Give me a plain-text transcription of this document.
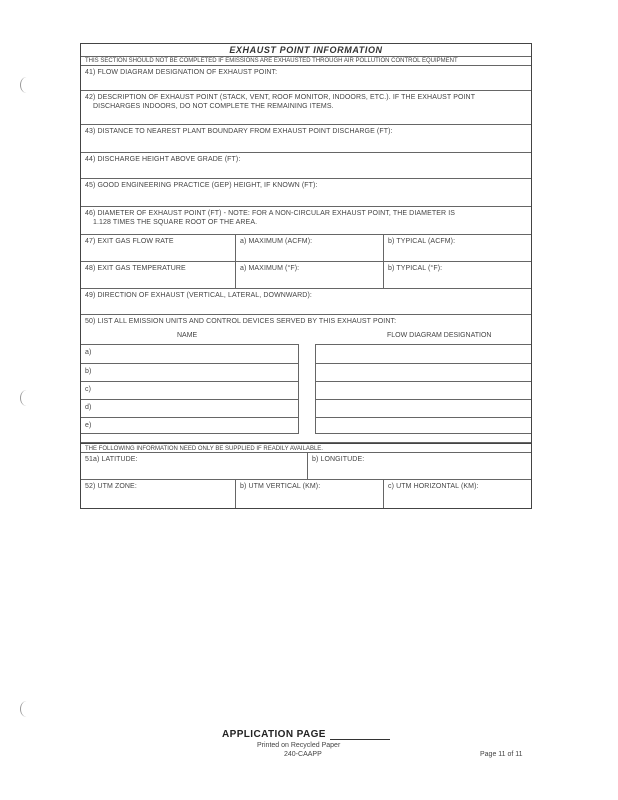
EXHAUST POINT INFORMATION
THIS SECTION SHOULD NOT BE COMPLETED IF EMISSIONS ARE EXHAUSTED THROUGH AIR POLLUTION CONTROL EQUIPMENT
41) FLOW DIAGRAM DESIGNATION OF EXHAUST POINT:
42) DESCRIPTION OF EXHAUST POINT (STACK, VENT, ROOF MONITOR, INDOORS, ETC.). IF THE EXHAUST POINT
DISCHARGES INDOORS, DO NOT COMPLETE THE REMAINING ITEMS.
43) DISTANCE TO NEAREST PLANT BOUNDARY FROM EXHAUST POINT DISCHARGE (FT):
44) DISCHARGE HEIGHT ABOVE GRADE (FT):
45) GOOD ENGINEERING PRACTICE (GEP) HEIGHT, IF KNOWN (FT):
46) DIAMETER OF EXHAUST POINT (FT) - NOTE: FOR A NON-CIRCULAR EXHAUST POINT, THE DIAMETER IS
1.128 TIMES THE SQUARE ROOT OF THE AREA.
47) EXIT GAS FLOW RATE	a) MAXIMUM (ACFM):	b) TYPICAL (ACFM):
48) EXIT GAS TEMPERATURE	a) MAXIMUM (°F):	b) TYPICAL (°F):
49) DIRECTION OF EXHAUST (VERTICAL, LATERAL, DOWNWARD):
50) LIST ALL EMISSION UNITS AND CONTROL DEVICES SERVED BY THIS EXHAUST POINT:
NAME	FLOW DIAGRAM DESIGNATION
a)
b)
c)
d)
e)
THE FOLLOWING INFORMATION NEED ONLY BE SUPPLIED IF READILY AVAILABLE.
51a) LATITUDE:	b) LONGITUDE:
52) UTM ZONE:	b) UTM VERTICAL (KM):	c) UTM HORIZONTAL (KM):
APPLICATION PAGE
Printed on Recycled Paper
240-CAAPP	Page 11 of 11
